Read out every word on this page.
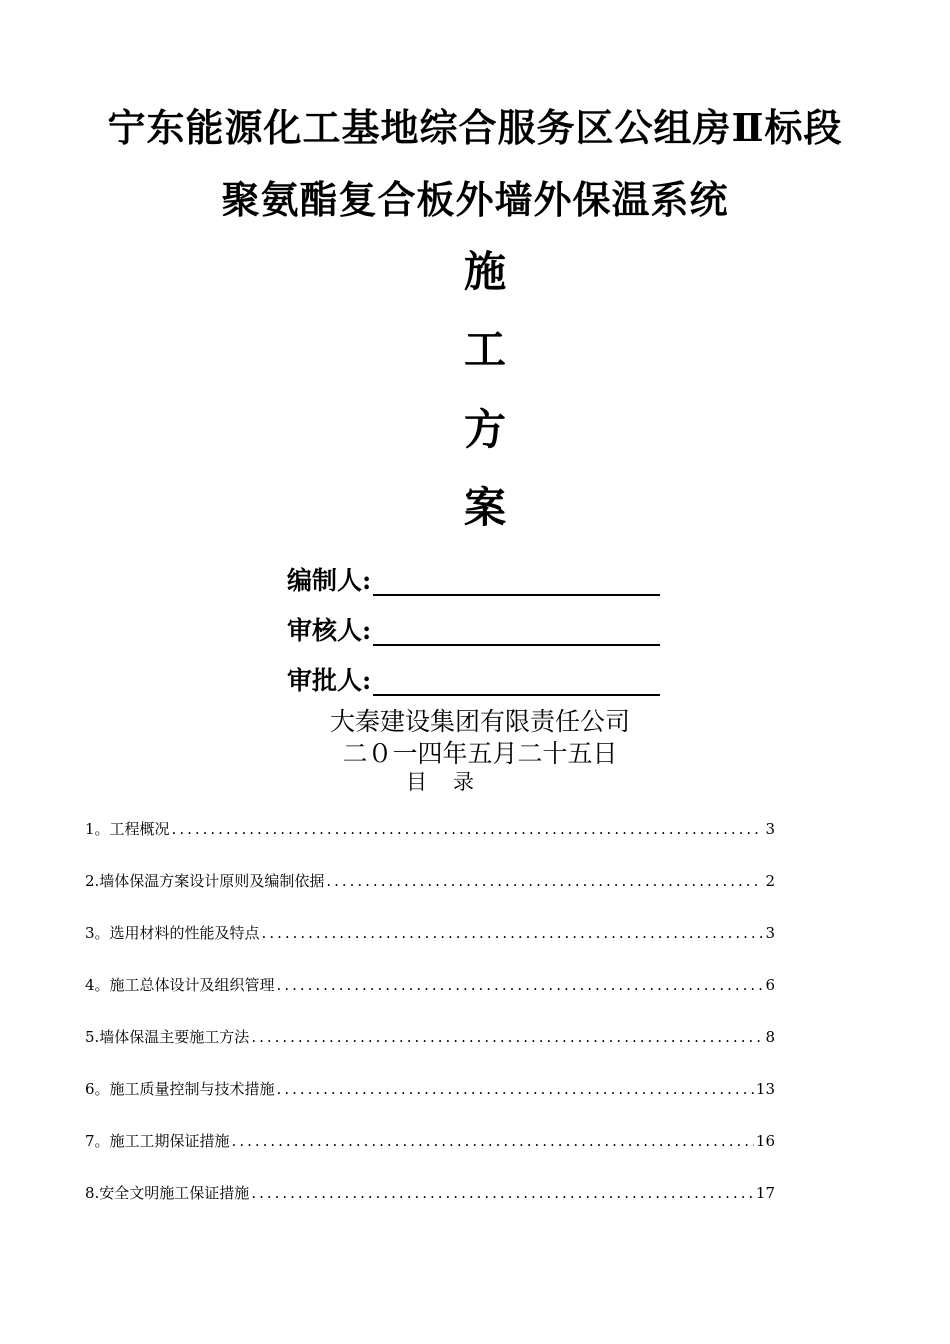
宁东能源化工基地综合服务区公组房Ⅱ标段
聚氨酯复合板外墙外保温系统
施
工
方
案
编制人:
审核人:
审批人:
大秦建设集团有限责任公司
二０一四年五月二十五日
目 录
1。工程概况 .....	3
2.墙体保温方案设计原则及编制依据 .....	2
3。选用材料的性能及特点 .....	3
4。施工总体设计及组织管理 .....	6
5.墙体保温主要施工方法 .....	8
6。施工质量控制与技术措施 .....	13
7。施工工期保证措施 .....	16
8.安全文明施工保证措施 .....	17
